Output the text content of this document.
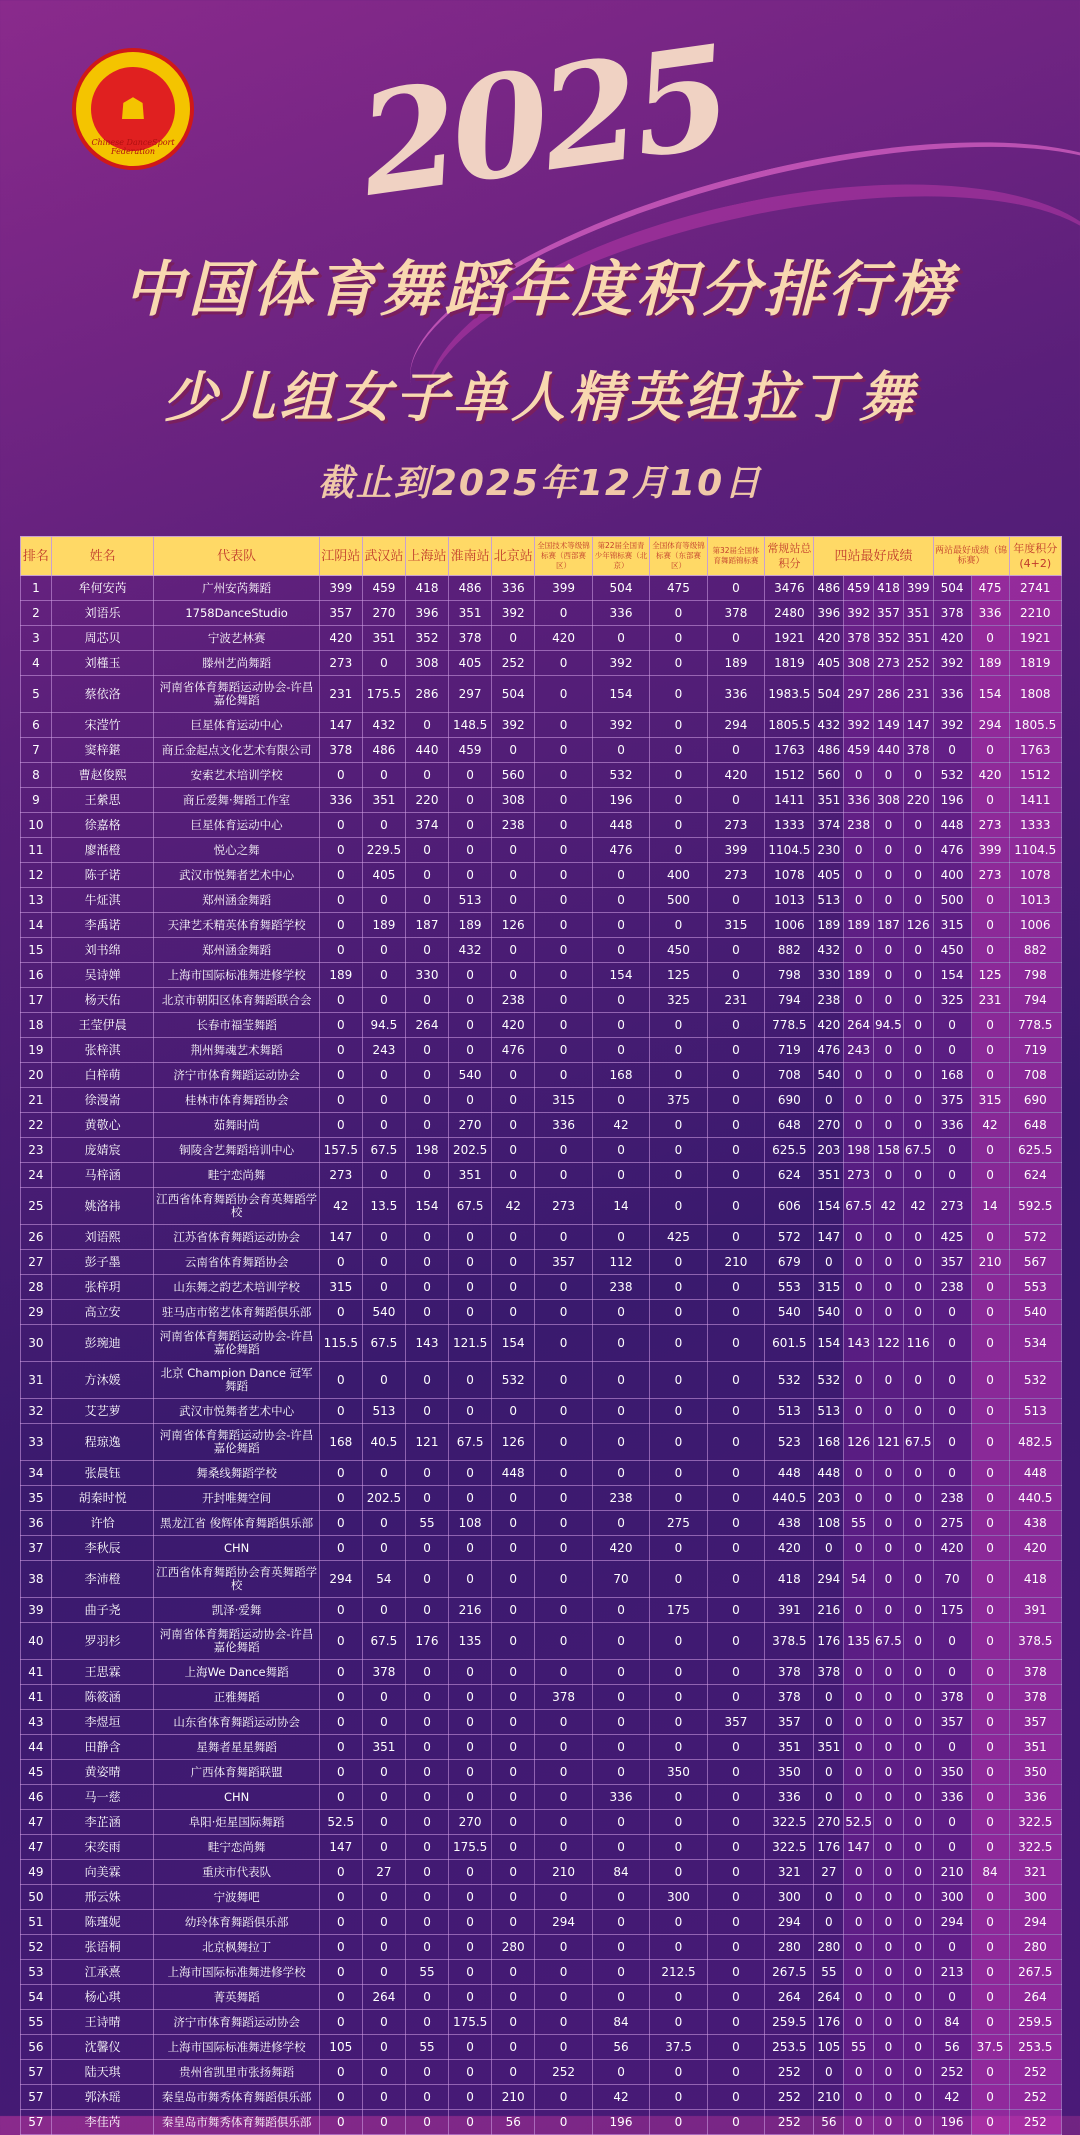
☗
Chinese DanceSport Federation 2025
中国体育舞蹈年度积分排行榜
少儿组女子单人精英组拉丁舞
截止到2025年12月10日
排名	姓名	代表队	江阴站	武汉站	上海站	淮南站	北京站	全国技术等级锦标赛（西部赛区）	第22届全国青少年锦标赛（北京）	全国体育等级锦标赛（东部赛区）	第32届全国体育舞蹈锦标赛	常规站总积分	四站最好成绩				两站最好成绩（锦标赛）		年度积分(4+2)
1	牟何安芮	广州安芮舞蹈	399	459	418	486	336	399	504	475	0	3476	486	459	418	399	504	475	2741
2	刘语乐	1758DanceStudio	357	270	396	351	392	0	336	0	378	2480	396	392	357	351	378	336	2210
3	周芯贝	宁波艺林赛	420	351	352	378	0	420	0	0	0	1921	420	378	352	351	420	0	1921
4	刘槿玉	滕州艺尚舞蹈	273	0	308	405	252	0	392	0	189	1819	405	308	273	252	392	189	1819
5	蔡依洛	河南省体育舞蹈运动协会-许昌嘉伦舞蹈	231	175.5	286	297	504	0	154	0	336	1983.5	504	297	286	231	336	154	1808
6	宋滢竹	巨星体育运动中心	147	432	0	148.5	392	0	392	0	294	1805.5	432	392	149	147	392	294	1805.5
7	窦梓鍖	商丘金起点文化艺术有限公司	378	486	440	459	0	0	0	0	0	1763	486	459	440	378	0	0	1763
8	曹赵俊熙	安索艺术培训学校	0	0	0	0	560	0	532	0	420	1512	560	0	0	0	532	420	1512
9	王縈思	商丘爱舞·舞蹈工作室	336	351	220	0	308	0	196	0	0	1411	351	336	308	220	196	0	1411
10	徐嘉格	巨星体育运动中心	0	0	374	0	238	0	448	0	273	1333	374	238	0	0	448	273	1333
11	廖湉橙	悦心之舞	0	229.5	0	0	0	0	476	0	399	1104.5	230	0	0	0	476	399	1104.5
12	陈子诺	武汉市悦舞者艺术中心	0	405	0	0	0	0	0	400	273	1078	405	0	0	0	400	273	1078
13	牛炡淇	郑州涵金舞蹈	0	0	0	513	0	0	0	500	0	1013	513	0	0	0	500	0	1013
14	李禹诺	天津艺禾精英体育舞蹈学校	0	189	187	189	126	0	0	0	315	1006	189	189	187	126	315	0	1006
15	刘书绵	郑州涵金舞蹈	0	0	0	432	0	0	0	450	0	882	432	0	0	0	450	0	882
16	吴诗婵	上海市国际标准舞进修学校	189	0	330	0	0	0	154	125	0	798	330	189	0	0	154	125	798
17	杨天佑	北京市朝阳区体育舞蹈联合会	0	0	0	0	238	0	0	325	231	794	238	0	0	0	325	231	794
18	王莹伊晨	长春市福莹舞蹈	0	94.5	264	0	420	0	0	0	0	778.5	420	264	94.5	0	0	0	778.5
19	张梓淇	荆州舞魂艺术舞蹈	0	243	0	0	476	0	0	0	0	719	476	243	0	0	0	0	719
20	白梓萌	济宁市体育舞蹈运动协会	0	0	0	540	0	0	168	0	0	708	540	0	0	0	168	0	708
21	徐漫嵛	桂林市体育舞蹈协会	0	0	0	0	0	315	0	375	0	690	0	0	0	0	375	315	690
22	黄敬心	茹舞时尚	0	0	0	270	0	336	42	0	0	648	270	0	0	0	336	42	648
23	庞婧宸	铜陵含艺舞蹈培训中心	157.5	67.5	198	202.5	0	0	0	0	0	625.5	203	198	158	67.5	0	0	625.5
24	马梓涵	畦宁恋尚舞	273	0	0	351	0	0	0	0	0	624	351	273	0	0	0	0	624
25	姚洛祎	江西省体育舞蹈协会育英舞蹈学校	42	13.5	154	67.5	42	273	14	0	0	606	154	67.5	42	42	273	14	592.5
26	刘语熙	江苏省体育舞蹈运动协会	147	0	0	0	0	0	0	425	0	572	147	0	0	0	425	0	572
27	彭子墨	云南省体育舞蹈协会	0	0	0	0	0	357	112	0	210	679	0	0	0	0	357	210	567
28	张梓玥	山东舞之韵艺术培训学校	315	0	0	0	0	0	238	0	0	553	315	0	0	0	238	0	553
29	高立安	驻马店市铭艺体育舞蹈俱乐部	0	540	0	0	0	0	0	0	0	540	540	0	0	0	0	0	540
30	彭琬迪	河南省体育舞蹈运动协会-许昌嘉伦舞蹈	115.5	67.5	143	121.5	154	0	0	0	0	601.5	154	143	122	116	0	0	534
31	方沐媛	北京 Champion Dance 冠军舞蹈	0	0	0	0	532	0	0	0	0	532	532	0	0	0	0	0	532
32	艾艺萝	武汉市悦舞者艺术中心	0	513	0	0	0	0	0	0	0	513	513	0	0	0	0	0	513
33	程琼逸	河南省体育舞蹈运动协会-许昌嘉伦舞蹈	168	40.5	121	67.5	126	0	0	0	0	523	168	126	121	67.5	0	0	482.5
34	张晨钰	舞桑线舞蹈学校	0	0	0	0	448	0	0	0	0	448	448	0	0	0	0	0	448
35	胡秦时悦	开封唯舞空间	0	202.5	0	0	0	0	238	0	0	440.5	203	0	0	0	238	0	440.5
36	许恰	黑龙江省 俊辉体育舞蹈俱乐部	0	0	55	108	0	0	0	275	0	438	108	55	0	0	275	0	438
37	李秋辰	CHN	0	0	0	0	0	0	420	0	0	420	0	0	0	0	420	0	420
38	李沛橙	江西省体育舞蹈协会育英舞蹈学校	294	54	0	0	0	0	70	0	0	418	294	54	0	0	70	0	418
39	曲子尧	凯泽·爱舞	0	0	0	216	0	0	0	175	0	391	216	0	0	0	175	0	391
40	罗羽杉	河南省体育舞蹈运动协会-许昌嘉伦舞蹈	0	67.5	176	135	0	0	0	0	0	378.5	176	135	67.5	0	0	0	378.5
41	王思霖	上海We Dance舞蹈	0	378	0	0	0	0	0	0	0	378	378	0	0	0	0	0	378
41	陈筱涵	正雅舞蹈	0	0	0	0	0	378	0	0	0	378	0	0	0	0	378	0	378
43	李煜垣	山东省体育舞蹈运动协会	0	0	0	0	0	0	0	0	357	357	0	0	0	0	357	0	357
44	田静含	星舞者星星舞蹈	0	351	0	0	0	0	0	0	0	351	351	0	0	0	0	0	351
45	黄姿晴	广西体育舞蹈联盟	0	0	0	0	0	0	0	350	0	350	0	0	0	0	350	0	350
46	马一慈	CHN	0	0	0	0	0	0	336	0	0	336	0	0	0	0	336	0	336
47	李芷涵	阜阳·炬星国际舞蹈	52.5	0	0	270	0	0	0	0	0	322.5	270	52.5	0	0	0	0	322.5
47	宋奕雨	畦宁恋尚舞	147	0	0	175.5	0	0	0	0	0	322.5	176	147	0	0	0	0	322.5
49	向美霖	重庆市代表队	0	27	0	0	0	210	84	0	0	321	27	0	0	0	210	84	321
50	邢云姝	宁波舞吧	0	0	0	0	0	0	0	300	0	300	0	0	0	0	300	0	300
51	陈瑾妮	幼玲体育舞蹈俱乐部	0	0	0	0	0	294	0	0	0	294	0	0	0	0	294	0	294
52	张语桐	北京枫舞拉丁	0	0	0	0	280	0	0	0	0	280	280	0	0	0	0	0	280
53	江承熹	上海市国际标准舞进修学校	0	0	55	0	0	0	0	212.5	0	267.5	55	0	0	0	213	0	267.5
54	杨心琪	菁英舞蹈	0	264	0	0	0	0	0	0	0	264	264	0	0	0	0	0	264
55	王诗晴	济宁市体育舞蹈运动协会	0	0	0	175.5	0	0	84	0	0	259.5	176	0	0	0	84	0	259.5
56	沈馨仪	上海市国际标准舞进修学校	105	0	55	0	0	0	56	37.5	0	253.5	105	55	0	0	56	37.5	253.5
57	陆天琪	贵州省凯里市张扬舞蹈	0	0	0	0	0	252	0	0	0	252	0	0	0	0	252	0	252
57	郭沐瑶	秦皇岛市舞秀体育舞蹈俱乐部	0	0	0	0	210	0	42	0	0	252	210	0	0	0	42	0	252
57	李佳芮	秦皇岛市舞秀体育舞蹈俱乐部	0	0	0	0	56	0	196	0	0	252	56	0	0	0	196	0	252
